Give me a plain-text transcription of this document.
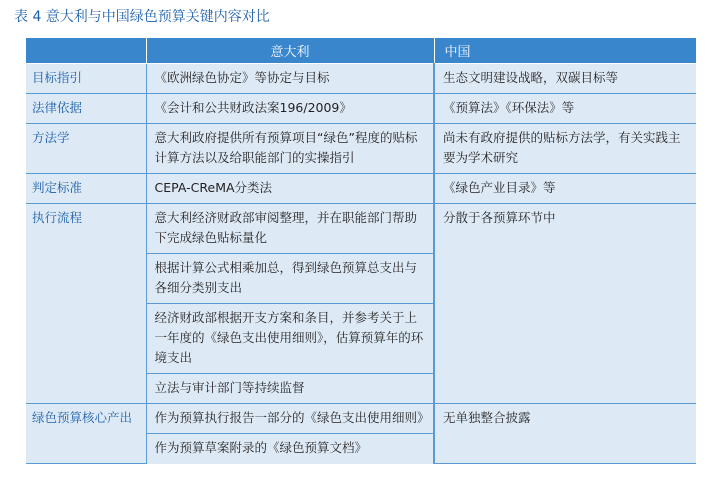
表 4 意大利与中国绿色预算关键内容对比
	意大利	中国
目标指引	《欧洲绿色协定》等协定与目标	生态文明建设战略，双碳目标等
法律依据	《会计和公共财政法案196/2009》	《预算法》《环保法》等
方法学	意大利政府提供所有预算项目“绿色”程度的贴标计算方法以及给职能部门的实操指引	尚未有政府提供的贴标方法学，有关实践主要为学术研究
判定标准	CEPA-CReMA分类法	《绿色产业目录》等
执行流程	意大利经济财政部审阅整理，并在职能部门帮助下完成绿色贴标量化	分散于各预算环节中
	根据计算公式相乘加总，得到绿色预算总支出与各细分类别支出	
	经济财政部根据开支方案和条目，并参考关于上一年度的《绿色支出使用细则》，估算预算年的环境支出	
	立法与审计部门等持续监督	
绿色预算核心产出	作为预算执行报告一部分的《绿色支出使用细则》	无单独整合披露
	作为预算草案附录的《绿色预算文档》	
